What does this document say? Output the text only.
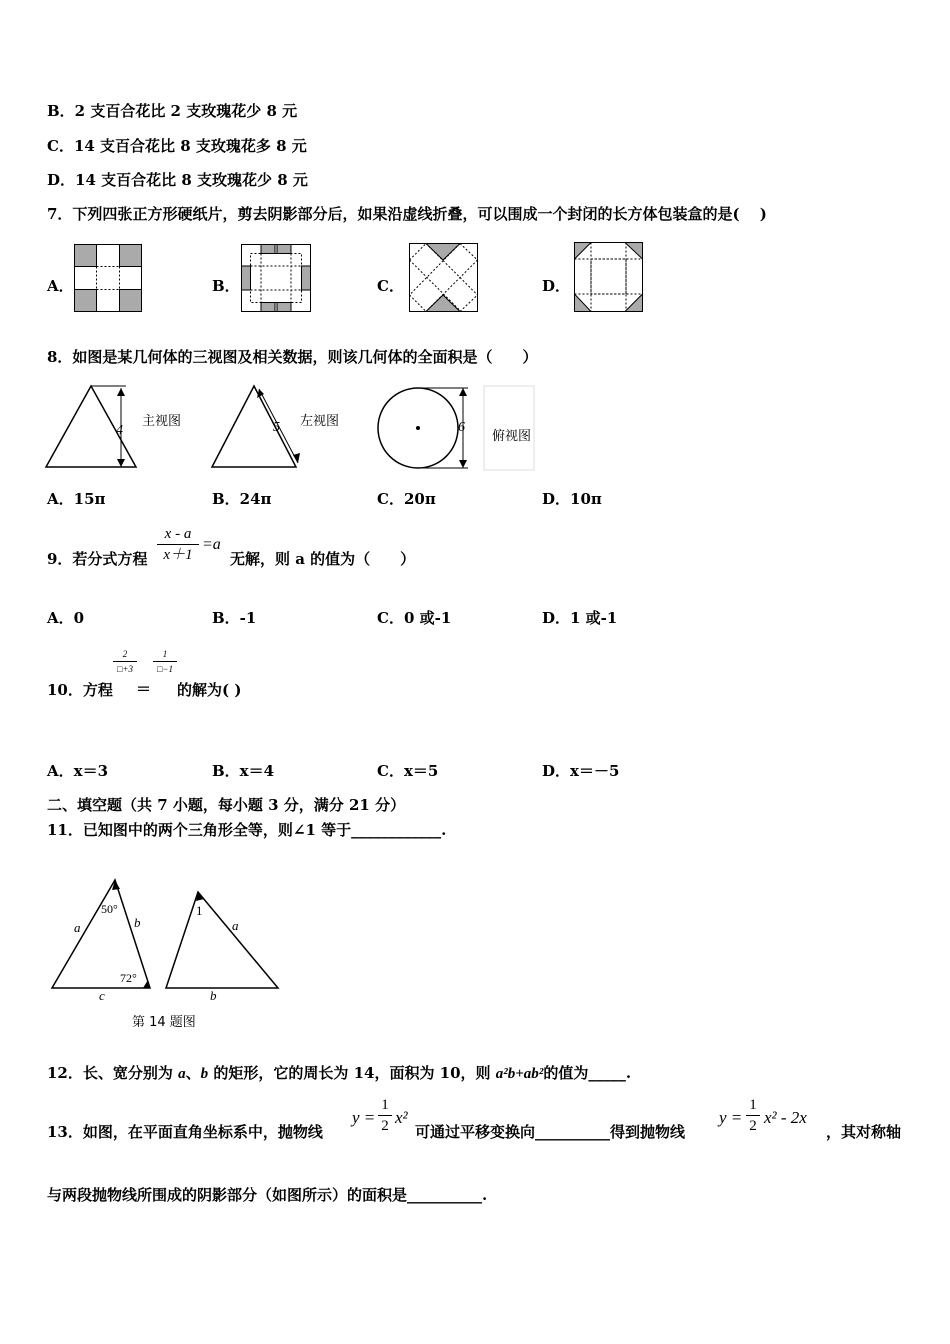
B．2 支百合花比 2 支玫瑰花少 8 元
C．14 支百合花比 8 支玫瑰花多 8 元
D．14 支百合花比 8 支玫瑰花少 8 元
7．下列四张正方形硬纸片，剪去阴影部分后，如果沿虚线折叠，可以围成一个封闭的长方体包装盒的是(　 )
A．	B．	C．	D．
8．如图是某几何体的三视图及相关数据，则该几何体的全面积是（　　）
4
主视图	5 左视图	6
俯视图
A．15π	B．24π	C．20π	D．10π
9．若分式方程
x - a
x＋1
=a
无解，则 a 的值为（　　）
A．0	B．-1	C．0 或-1	D．1 或-1
10．方程
2
□+3
＝
1
□−1
的解为( )
A．x＝3	B．x＝4	C．x＝5	D．x＝－5
二、填空题（共 7 小题，每小题 3 分，满分 21 分）
11．已知图中的两个三角形全等，则∠1 等于____________.
50°
72°
a	b
c
1
a
b
第 14 题图
12．长、宽分别为 a、b 的矩形，它的周长为 14，面积为 10，则 a²b+ab²的值为_____.
13．如图，在平面直角坐标系中，抛物线
y =
1
2 x²
可通过平移变换向__________得到抛物线
y =
1
2 x² - 2x
，其对称轴
与两段抛物线所围成的阴影部分（如图所示）的面积是__________.
